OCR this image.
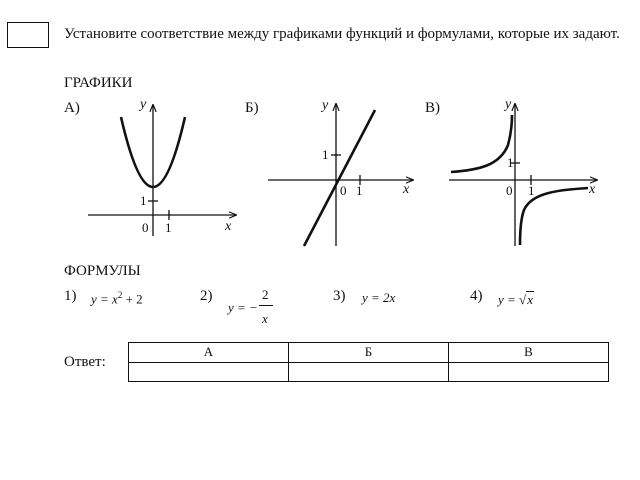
Установите соответствие между графиками функций и формулами, которые их задают.
ГРАФИКИ
А)	Б)	В)
y
x
1
0 1
y
x
1
0 1
y
x
1
0 1
ФОРМУЛЫ
1) $y = x^2 + 2$	2)
y = −
2
x
3) y = 2x	4) y = √x
Ответ:
А	Б	В
